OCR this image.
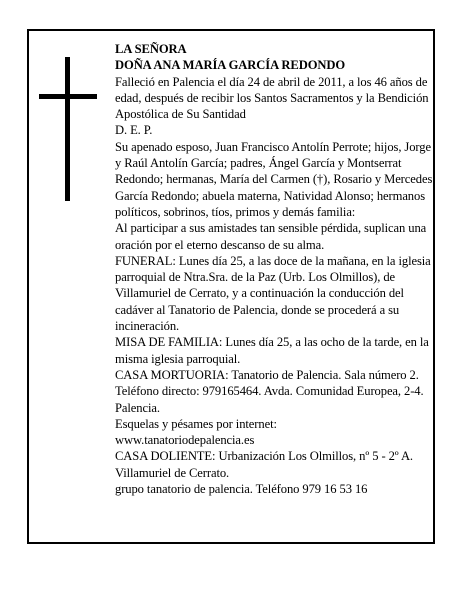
LA SEÑORA

DOÑA ANA MARÍA GARCÍA REDONDO

Falleció en Palencia el día 24 de abril de 2011, a los 46 años de edad, después de recibir los Santos Sacramentos y la Bendición Apostólica de Su Santidad

D. E. P.

Su apenado esposo, Juan Francisco Antolín Perrote; hijos, Jorge y Raúl Antolín García; padres, Ángel García y Montserrat Redondo; hermanas, María del Carmen (†), Rosario y Mercedes García Redondo; abuela materna, Natividad Alonso; hermanos políticos, sobrinos, tíos, primos y demás familia:

Al participar a sus amistades tan sensible pérdida, suplican una oración por el eterno descanso de su alma.

FUNERAL: Lunes día 25, a las doce de la mañana, en la iglesia parroquial de Ntra.Sra. de la Paz (Urb. Los Olmillos), de Villamuriel de Cerrato, y a continuación la conducción del cadáver al Tanatorio de Palencia, donde se procederá a su incineración.

MISA DE FAMILIA: Lunes día 25, a las ocho de la tarde, en la misma iglesia parroquial.

CASA MORTUORIA: Tanatorio de Palencia. Sala número 2. Teléfono directo: 979165464. Avda. Comunidad Europea, 2-4. Palencia.

Esquelas y pésames por internet:

www.tanatoriodepalencia.es

CASA DOLIENTE: Urbanización Los Olmillos, nº 5 - 2º A. Villamuriel de Cerrato.

grupo tanatorio de palencia. Teléfono 979 16 53 16
